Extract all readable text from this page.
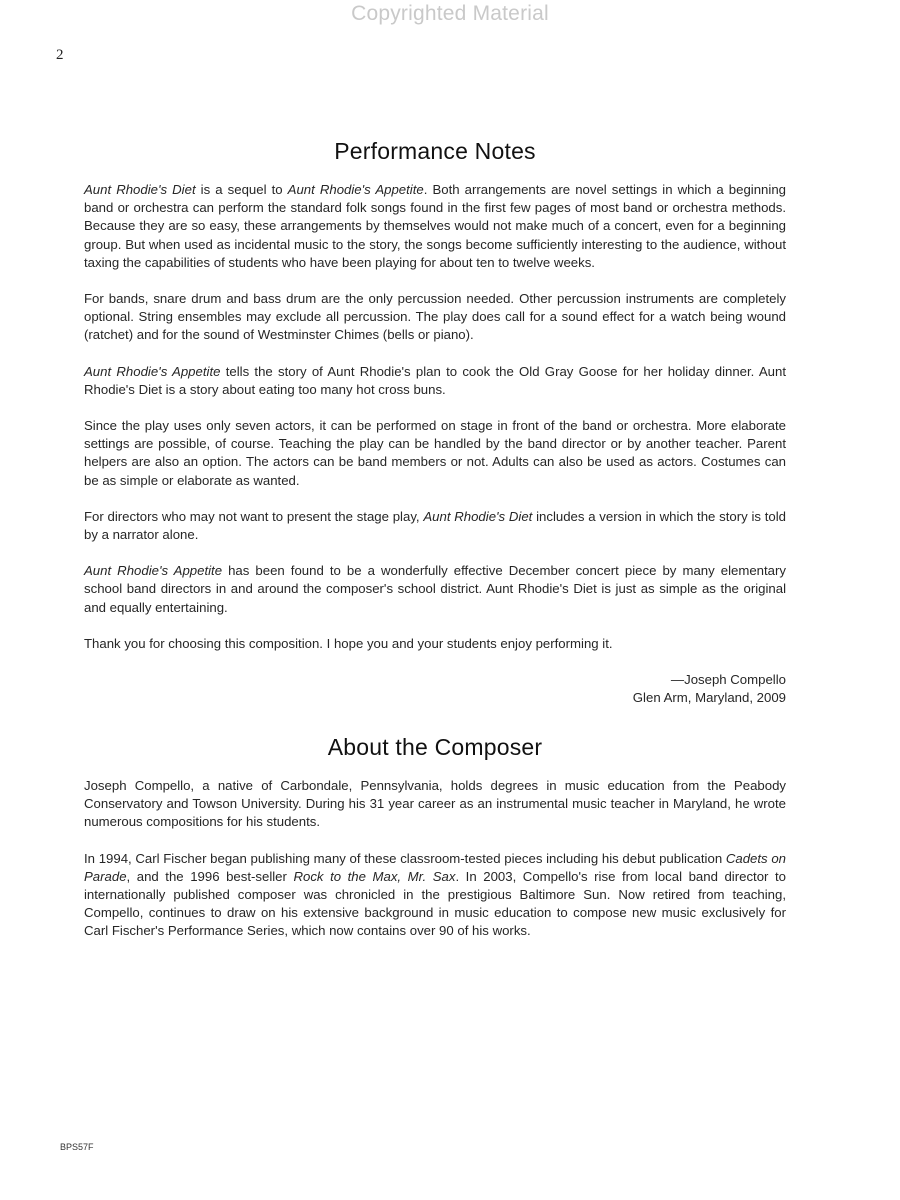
Copyrighted Material
2
Performance Notes

Aunt Rhodie's Diet is a sequel to Aunt Rhodie's Appetite. Both arrangements are novel settings in which a beginning band or orchestra can perform the standard folk songs found in the first few pages of most band or orchestra methods. Because they are so easy, these arrangements by themselves would not make much of a concert, even for a beginning group. But when used as incidental music to the story, the songs become sufficiently interesting to the audience, without taxing the capabilities of students who have been playing for about ten to twelve weeks.

For bands, snare drum and bass drum are the only percussion needed. Other percussion instruments are completely optional. String ensembles may exclude all percussion. The play does call for a sound effect for a watch being wound (ratchet) and for the sound of Westminster Chimes (bells or piano).

Aunt Rhodie's Appetite tells the story of Aunt Rhodie's plan to cook the Old Gray Goose for her holiday dinner. Aunt Rhodie's Diet is a story about eating too many hot cross buns.

Since the play uses only seven actors, it can be performed on stage in front of the band or orchestra. More elaborate settings are possible, of course. Teaching the play can be handled by the band director or by another teacher. Parent helpers are also an option. The actors can be band members or not. Adults can also be used as actors. Costumes can be as simple or elaborate as wanted.

For directors who may not want to present the stage play, Aunt Rhodie's Diet includes a version in which the story is told by a narrator alone.

Aunt Rhodie's Appetite has been found to be a wonderfully effective December concert piece by many elementary school band directors in and around the composer's school district. Aunt Rhodie's Diet is just as simple as the original and equally entertaining.

Thank you for choosing this composition. I hope you and your students enjoy performing it.

—Joseph Compello
Glen Arm, Maryland, 2009
About the Composer

Joseph Compello, a native of Carbondale, Pennsylvania, holds degrees in music education from the Peabody Conservatory and Towson University. During his 31 year career as an instrumental music teacher in Maryland, he wrote numerous compositions for his students.

In 1994, Carl Fischer began publishing many of these classroom-tested pieces including his debut publication Cadets on Parade, and the 1996 best-seller Rock to the Max, Mr. Sax. In 2003, Compello's rise from local band director to internationally published composer was chronicled in the prestigious Baltimore Sun. Now retired from teaching, Compello, continues to draw on his extensive background in music education to compose new music exclusively for Carl Fischer's Performance Series, which now contains over 90 of his works.

BPS57F
